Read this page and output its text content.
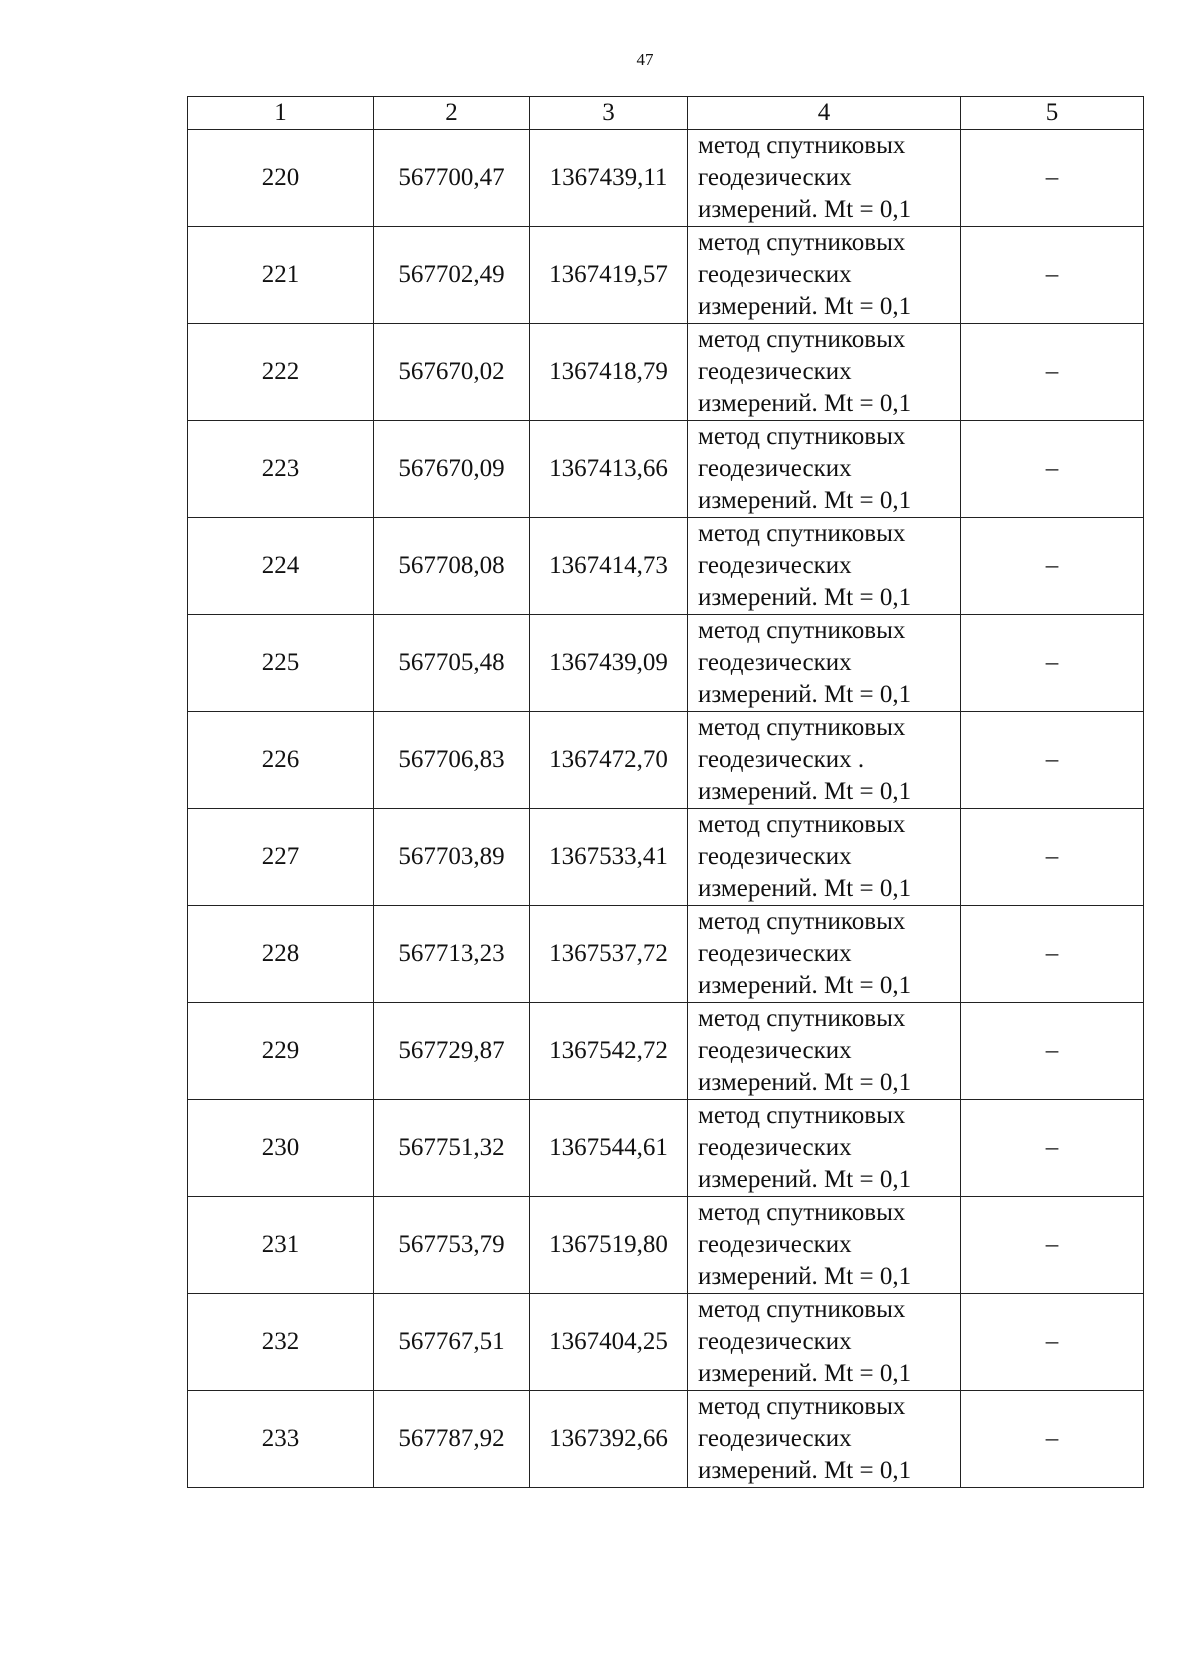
47
1	2	3	4	5
220	567700,47	1367439,11	метод спутниковых
геодезических
измерений. Mt = 0,1	–
221	567702,49	1367419,57	метод спутниковых
геодезических
измерений. Mt = 0,1	–
222	567670,02	1367418,79	метод спутниковых
геодезических
измерений. Mt = 0,1	–
223	567670,09	1367413,66	метод спутниковых
геодезических
измерений. Mt = 0,1	–
224	567708,08	1367414,73	метод спутниковых
геодезических
измерений. Mt = 0,1	–
225	567705,48	1367439,09	метод спутниковых
геодезических
измерений. Mt = 0,1	–
226	567706,83	1367472,70	метод спутниковых
геодезических .
измерений. Mt = 0,1	–
227	567703,89	1367533,41	метод спутниковых
геодезических
измерений. Mt = 0,1	–
228	567713,23	1367537,72	метод спутниковых
геодезических
измерений. Mt = 0,1	–
229	567729,87	1367542,72	метод спутниковых
геодезических
измерений. Mt = 0,1	–
230	567751,32	1367544,61	метод спутниковых
геодезических
измерений. Mt = 0,1	–
231	567753,79	1367519,80	метод спутниковых
геодезических
измерений. Mt = 0,1	–
232	567767,51	1367404,25	метод спутниковых
геодезических
измерений. Mt = 0,1	–
233	567787,92	1367392,66	метод спутниковых
геодезических
измерений. Mt = 0,1	–
